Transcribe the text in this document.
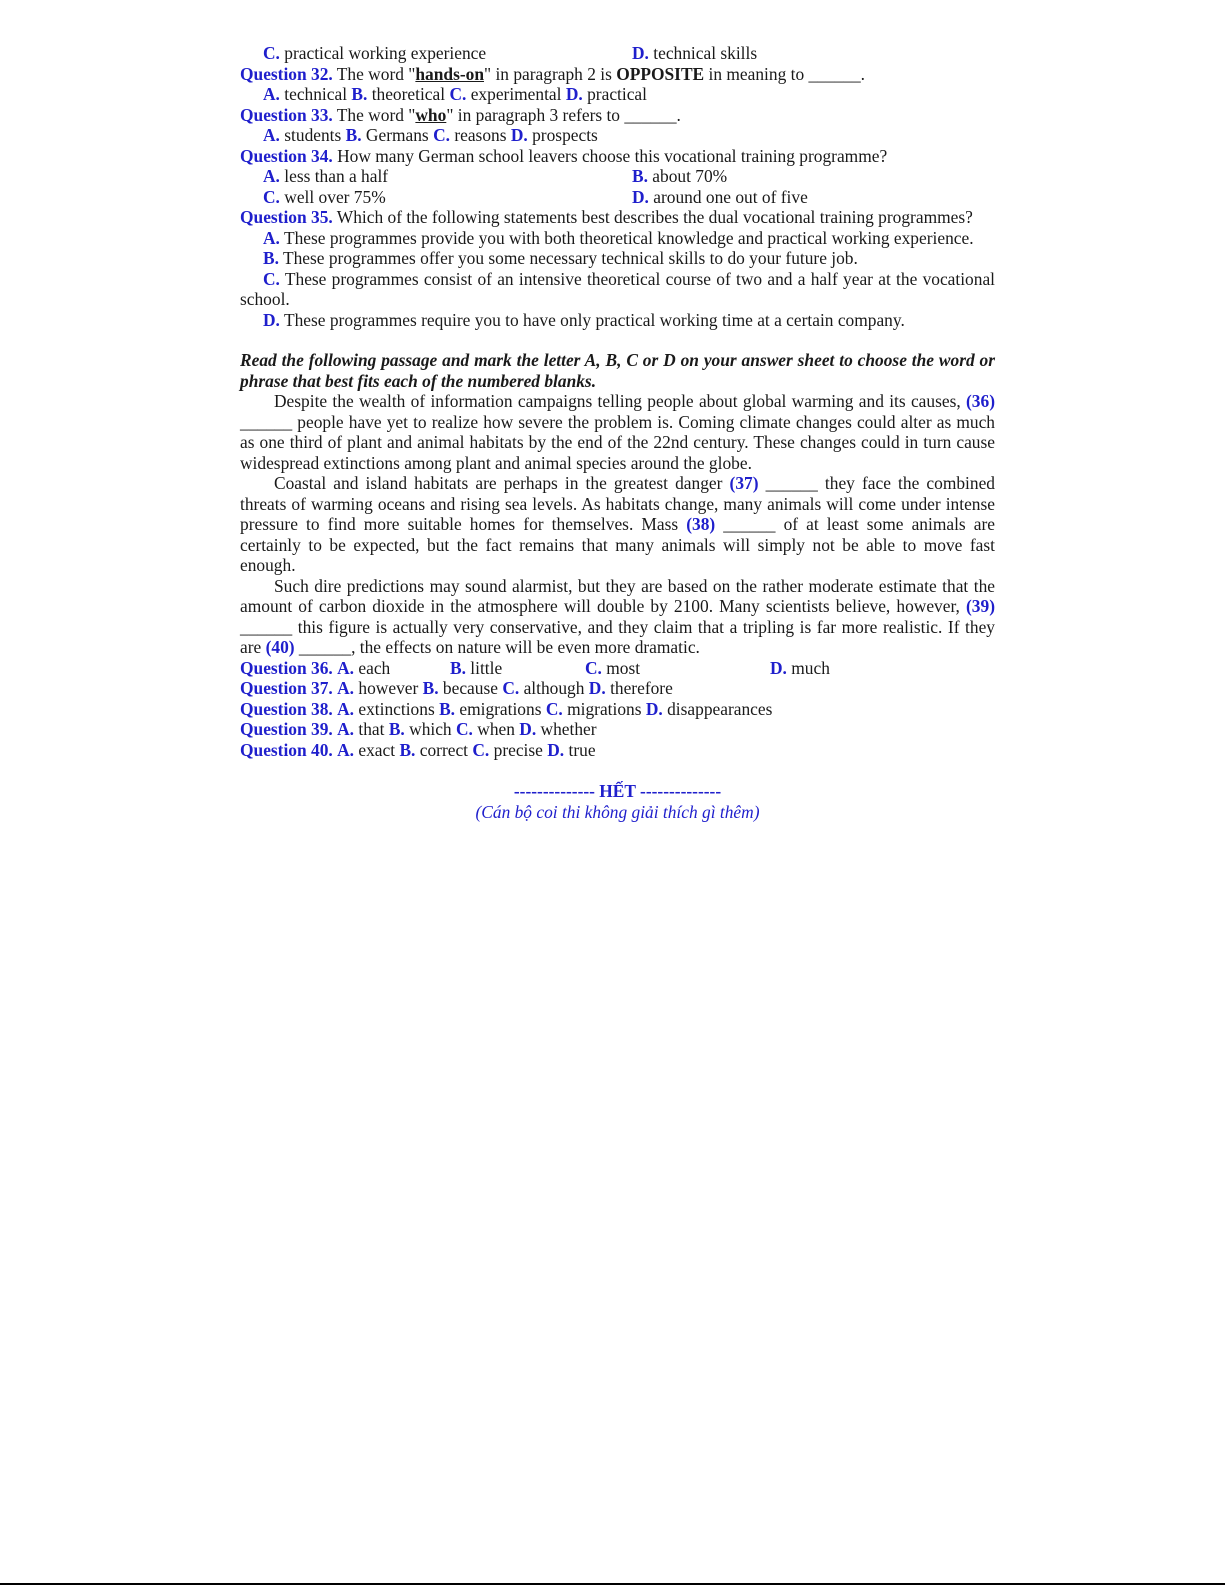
C. practical working experience	D. technical skills

Question 32. The word "hands-on" in paragraph 2 is OPPOSITE in meaning to ______.

A. technical B. theoretical C. experimental D. practical

Question 33. The word "who" in paragraph 3 refers to ______.

A. students B. Germans C. reasons D. prospects

Question 34. How many German school leavers choose this vocational training programme?

A. less than a half	B. about 70%
C. well over 75%	D. around one out of five

Question 35. Which of the following statements best describes the dual vocational training programmes?

A. These programmes provide you with both theoretical knowledge and practical working experience.

B. These programmes offer you some necessary technical skills to do your future job.

C. These programmes consist of an intensive theoretical course of two and a half year at the vocational school.

D. These programmes require you to have only practical working time at a certain company.

Read the following passage and mark the letter A, B, C or D on your answer sheet to choose the word or phrase that best fits each of the numbered blanks.

Despite the wealth of information campaigns telling people about global warming and its causes, (36) ______ people have yet to realize how severe the problem is. Coming climate changes could alter as much as one third of plant and animal habitats by the end of the 22nd century. These changes could in turn cause widespread extinctions among plant and animal species around the globe.

Coastal and island habitats are perhaps in the greatest danger (37) ______ they face the combined threats of warming oceans and rising sea levels. As habitats change, many animals will come under intense pressure to find more suitable homes for themselves. Mass (38) ______ of at least some animals are certainly to be expected, but the fact remains that many animals will simply not be able to move fast enough.

Such dire predictions may sound alarmist, but they are based on the rather moderate estimate that the amount of carbon dioxide in the atmosphere will double by 2100. Many scientists believe, however, (39) ______ this figure is actually very conservative, and they claim that a tripling is far more realistic. If they are (40) ______, the effects on nature will be even more dramatic.

Question 36. A. each	B. little	C. most	D. much

Question 37. A. however B. because C. although D. therefore

Question 38. A. extinctions B. emigrations C. migrations D. disappearances

Question 39. A. that B. which C. when D. whether

Question 40. A. exact B. correct C. precise D. true

-------------- HẾT --------------
(Cán bộ coi thi không giải thích gì thêm)
